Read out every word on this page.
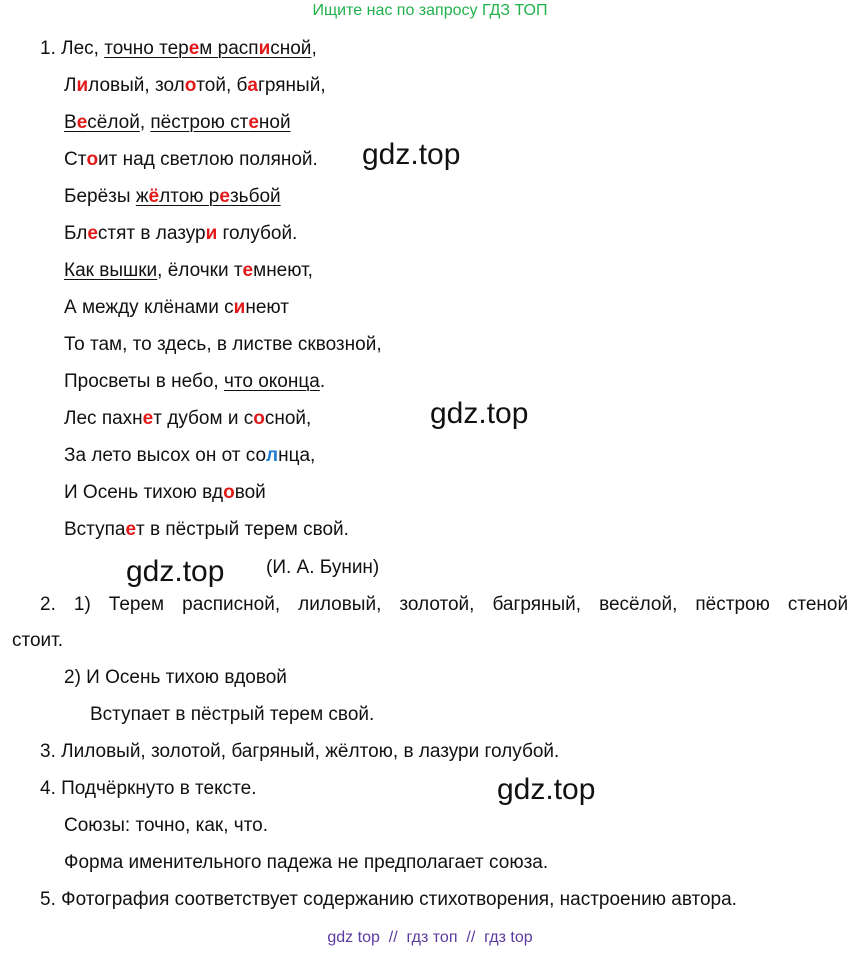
Ищите нас по запросу ГДЗ ТОП
1. Лес, точно терем расписной,
Лиловый, золотой, багряный,
Весёлой, пёстрою стеной
Стоит над светлою поляной. gdz.top
Берёзы жёлтою резьбой
Блестят в лазури голубой.
Как вышки, ёлочки темнеют,
А между клёнами синеют
То там, то здесь, в листве сквозной,
Просветы в небо, что оконца.
Лес пахнет дубом и сосной,	gdz.top
За лето высох он от солнца,
И Осень тихою вдовой
Вступает в пёстрый терем свой.
gdz.top (И. А. Бунин)
2. 1) Терем расписной, лиловый, золотой, багряный, весёлой, пёстрою стеной
стоит.
2) И Осень тихою вдовой
Вступает в пёстрый терем свой.
3. Лиловый, золотой, багряный, жёлтою, в лазури голубой.
4. Подчёркнуто в тексте.	gdz.top
Союзы: точно, как, что.
Форма именительного падежа не предполагает союза.
5. Фотография соответствует содержанию стихотворения, настроению автора.
gdz top  //  гдз топ  //  гдз top
